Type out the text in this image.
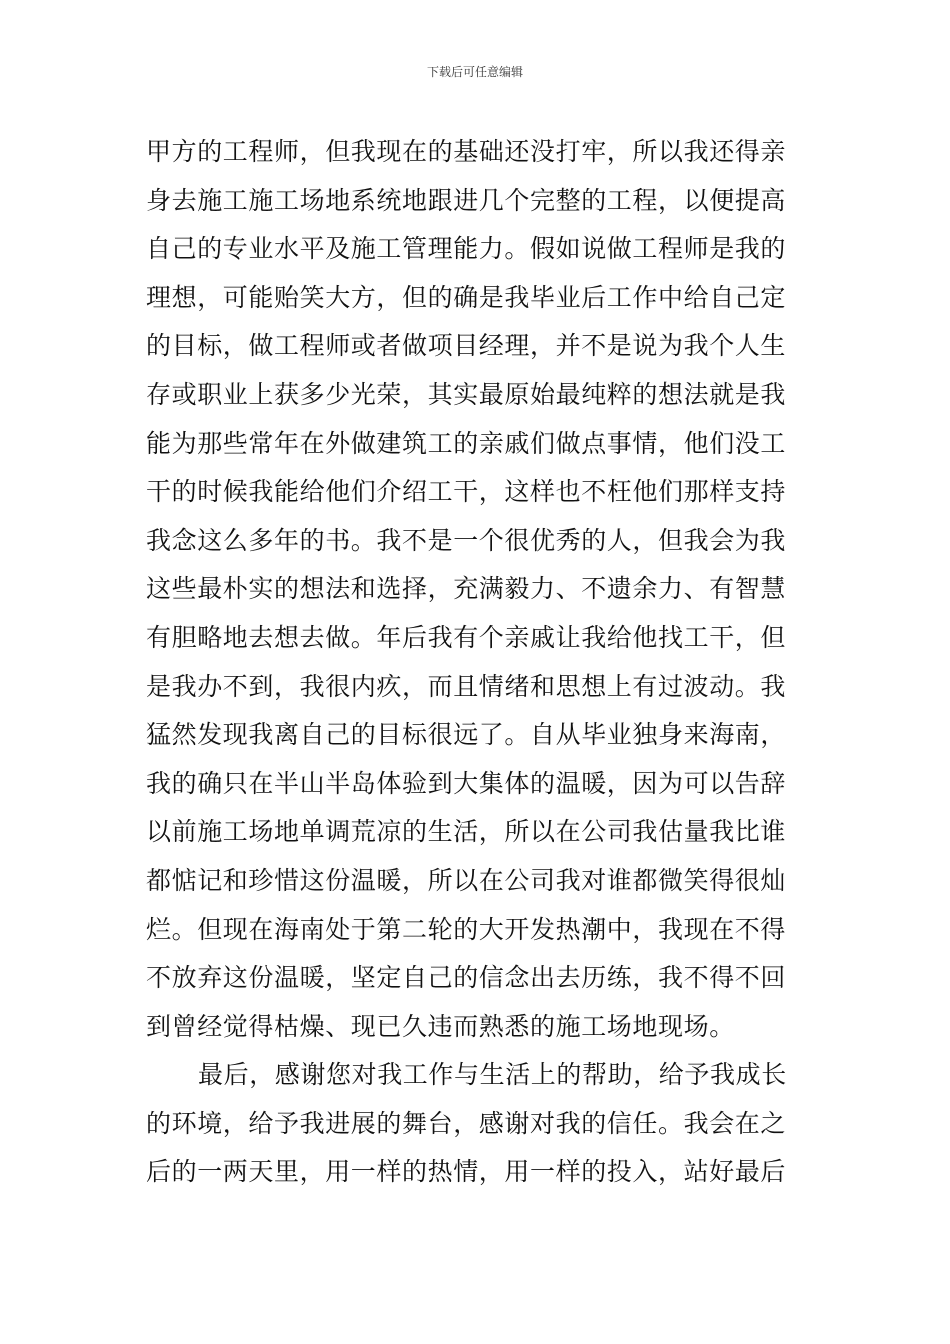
下载后可任意编辑
甲方的工程师，但我现在的基础还没打牢，所以我还得亲
身去施工施工场地系统地跟进几个完整的工程，以便提高
自己的专业水平及施工管理能力。假如说做工程师是我的
理想，可能贻笑大方，但的确是我毕业后工作中给自己定
的目标，做工程师或者做项目经理，并不是说为我个人生
存或职业上获多少光荣，其实最原始最纯粹的想法就是我
能为那些常年在外做建筑工的亲戚们做点事情，他们没工
干的时候我能给他们介绍工干，这样也不枉他们那样支持
我念这么多年的书。我不是一个很优秀的人，但我会为我
这些最朴实的想法和选择，充满毅力、不遗余力、有智慧
有胆略地去想去做。年后我有个亲戚让我给他找工干，但
是我办不到，我很内疚，而且情绪和思想上有过波动。我
猛然发现我离自己的目标很远了。自从毕业独身来海南，
我的确只在半山半岛体验到大集体的温暖，因为可以告辞
以前施工场地单调荒凉的生活，所以在公司我估量我比谁
都惦记和珍惜这份温暖，所以在公司我对谁都微笑得很灿
烂。但现在海南处于第二轮的大开发热潮中，我现在不得
不放弃这份温暖，坚定自己的信念出去历练，我不得不回
到曾经觉得枯燥、现已久违而熟悉的施工场地现场。
最后，感谢您对我工作与生活上的帮助，给予我成长
的环境，给予我进展的舞台，感谢对我的信任。我会在之
后的一两天里，用一样的热情，用一样的投入，站好最后
